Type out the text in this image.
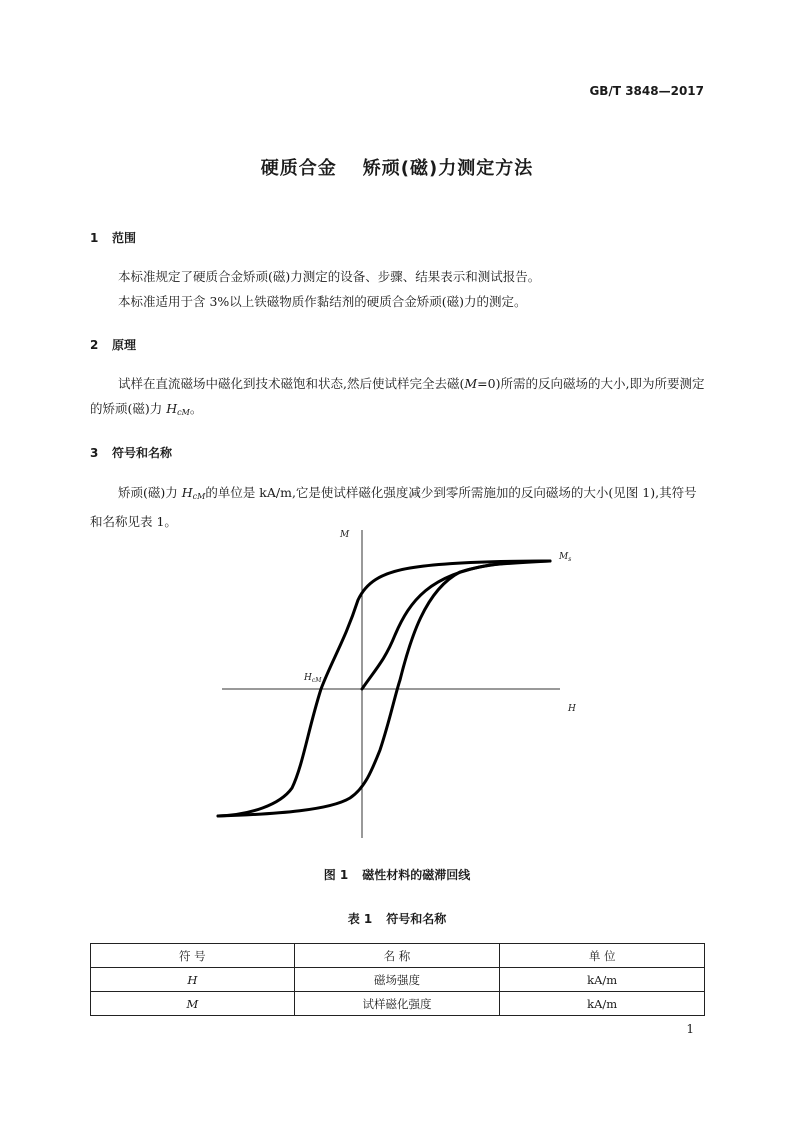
GB/T 3848—2017
硬质合金 矫顽(磁)力测定方法
1 范围

本标准规定了硬质合金矫顽(磁)力测定的设备、步骤、结果表示和测试报告。

本标准适用于含 3%以上铁磁物质作黏结剂的硬质合金矫顽(磁)力的测定。

2 原理

试样在直流磁场中磁化到技术磁饱和状态,然后使试样完全去磁(M=0)所需的反向磁场的大小,即为所要测定的矫顽(磁)力 $H_{cM}$。

3 符号和名称

矫顽(磁)力 $H_{cM}$的单位是 kA/m,它是使试样磁化强度减少到零所需施加的反向磁场的大小(见图 1),其符号和名称见表 1。

M
H
$M_s$
$H_{cM}$
图 1 磁性材料的磁滞回线
表 1 符号和名称
符 号	名 称	单 位
H	磁场强度	kA/m
M	试样磁化强度	kA/m
1
